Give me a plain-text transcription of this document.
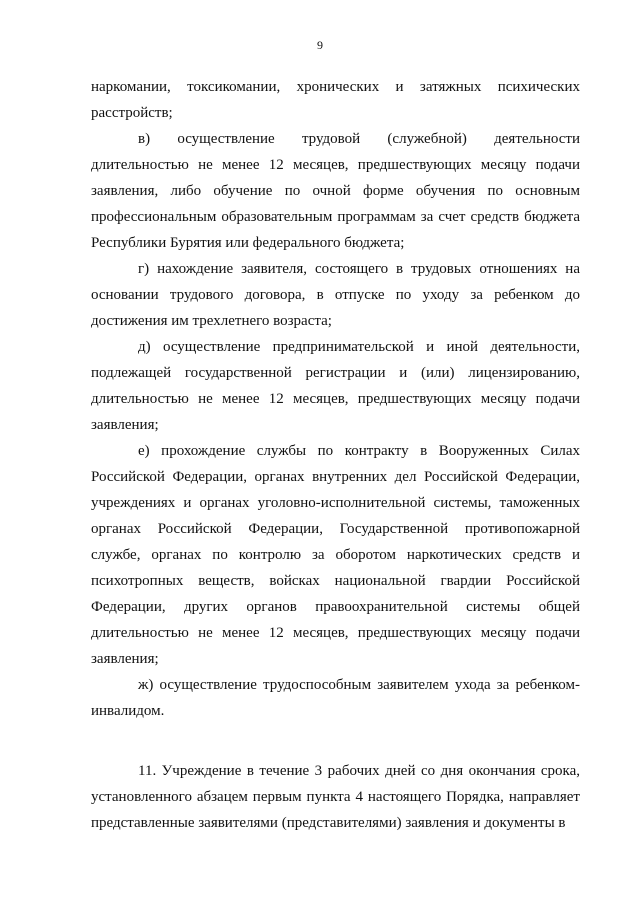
9

наркомании, токсикомании, хронических и затяжных психических расстройств;

в) осуществление трудовой (служебной) деятельности длительностью не менее 12 месяцев, предшествующих месяцу подачи заявления, либо обучение по очной форме обучения по основным профессиональным образовательным программам за счет средств бюджета Республики Бурятия или федерального бюджета;

г) нахождение заявителя, состоящего в трудовых отношениях на основании трудового договора, в отпуске по уходу за ребенком до достижения им трехлетнего возраста;

д) осуществление предпринимательской и иной деятельности, подлежащей государственной регистрации и (или) лицензированию, длительностью не менее 12 месяцев, предшествующих месяцу подачи заявления;

е) прохождение службы по контракту в Вооруженных Силах Российской Федерации, органах внутренних дел Российской Федерации, учреждениях и органах уголовно-исполнительной системы, таможенных органах Российской Федерации, Государственной противопожарной службе, органах по контролю за оборотом наркотических средств и психотропных веществ, войсках национальной гвардии Российской Федерации, других органов правоохранительной системы общей длительностью не менее 12 месяцев, предшествующих месяцу подачи заявления;

ж) осуществление трудоспособным заявителем ухода за ребенком-инвалидом.

11. Учреждение в течение 3 рабочих дней со дня окончания срока, установленного абзацем первым пункта 4 настоящего Порядка, направляет представленные заявителями (представителями) заявления и документы в
